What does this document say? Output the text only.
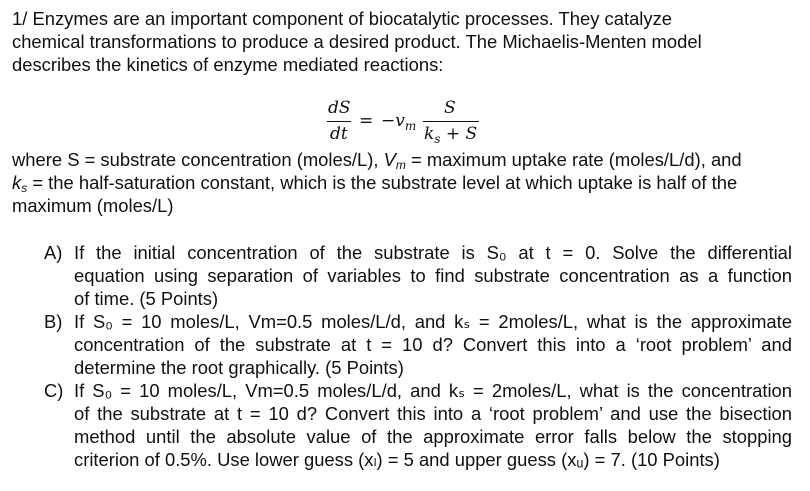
1/ Enzymes are an important component of biocatalytic processes. They catalyze
chemical transformations to produce a desired product. The Michaelis-Menten model
describes the kinetics of enzyme mediated reactions:
dS
dt
= $-v_m$
S
$k_s + S$
where S = substrate concentration (moles/L), $V_m$ = maximum uptake rate (moles/L/d), and
$k_s$ = the half-saturation constant, which is the substrate level at which uptake is half of the
maximum (moles/L)
A) If the initial concentration of the substrate is S₀ at t = 0. Solve the differential
equation using separation of variables to find substrate concentration as a function
of time. (5 Points)
B) If S₀ = 10 moles/L, Vm=0.5 moles/L/d, and kₛ = 2moles/L, what is the approximate
concentration of the substrate at t = 10 d? Convert this into a ‘root problem’ and
determine the root graphically. (5 Points)
C) If S₀ = 10 moles/L, Vm=0.5 moles/L/d, and kₛ = 2moles/L, what is the concentration
of the substrate at t = 10 d? Convert this into a ‘root problem’ and use the bisection
method until the absolute value of the approximate error falls below the stopping
criterion of 0.5%. Use lower guess (xₗ) = 5 and upper guess (xᵤ) = 7. (10 Points)
